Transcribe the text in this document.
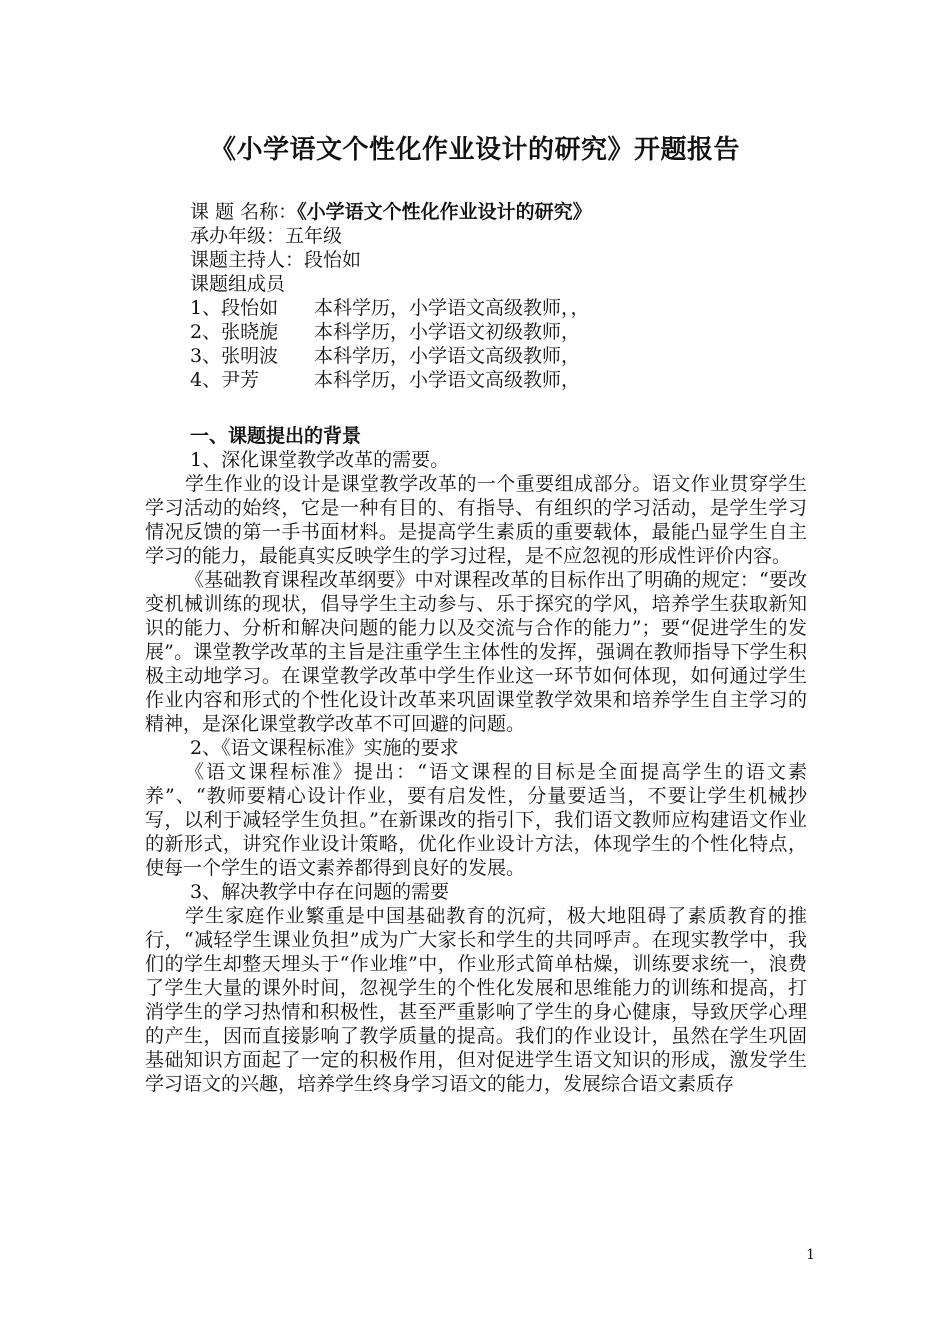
《小学语文个性化作业设计的研究》开题报告
课 题 名称：《小学语文个性化作业设计的研究》
承办年级：五年级
课题主持人：段怡如
课题组成员
1、段怡如 本科学历，小学语文高级教师，，
2、张晓旎 本科学历，小学语文初级教师，
3、张明波 本科学历，小学语文高级教师，
4、尹芳	本科学历，小学语文高级教师，
一、课题提出的背景
1、深化课堂教学改革的需要。

学生作业的设计是课堂教学改革的一个重要组成部分。语文作业贯穿学生学习活动的始终，它是一种有目的、有指导、有组织的学习活动，是学生学习情况反馈的第一手书面材料。是提高学生素质的重要载体，最能凸显学生自主学习的能力，最能真实反映学生的学习过程，是不应忽视的形成性评价内容。

《基础教育课程改革纲要》中对课程改革的目标作出了明确的规定：“要改变机械训练的现状，倡导学生主动参与、乐于探究的学风，培养学生获取新知识的能力、分析和解决问题的能力以及交流与合作的能力”；要“促进学生的发展”。课堂教学改革的主旨是注重学生主体性的发挥，强调在教师指导下学生积极主动地学习。在课堂教学改革中学生作业这一环节如何体现，如何通过学生作业内容和形式的个性化设计改革来巩固课堂教学效果和培养学生自主学习的精神，是深化课堂教学改革不可回避的问题。

2、《语文课程标准》实施的要求

《语文课程标准》提出：“语文课程的目标是全面提高学生的语文素养”、“教师要精心设计作业，要有启发性，分量要适当，不要让学生机械抄写，以利于减轻学生负担。”在新课改的指引下，我们语文教师应构建语文作业的新形式，讲究作业设计策略，优化作业设计方法，体现学生的个性化特点，使每一个学生的语文素养都得到良好的发展。

3、解决教学中存在问题的需要

学生家庭作业繁重是中国基础教育的沉疴，极大地阻碍了素质教育的推行，“减轻学生课业负担”成为广大家长和学生的共同呼声。在现实教学中，我们的学生却整天埋头于“作业堆”中，作业形式简单枯燥，训练要求统一，浪费了学生大量的课外时间，忽视学生的个性化发展和思维能力的训练和提高，打消学生的学习热情和积极性，甚至严重影响了学生的身心健康，导致厌学心理的产生，因而直接影响了教学质量的提高。我们的作业设计，虽然在学生巩固基础知识方面起了一定的积极作用，但对促进学生语文知识的形成，激发学生学习语文的兴趣，培养学生终身学习语文的能力，发展综合语文素质存

1
